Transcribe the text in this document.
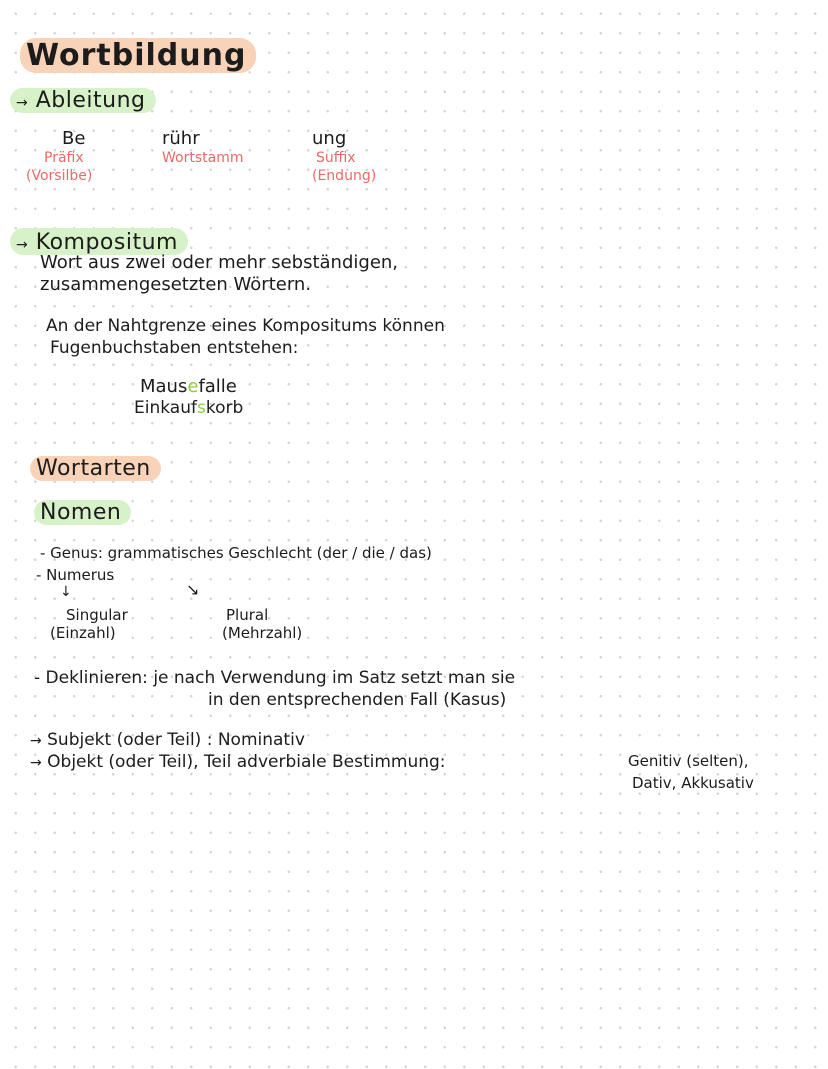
Wortbildung
→ Ableitung
Be
Präfix
(Vorsilbe)
rühr
Wortstamm
ung
Suffix
(Endung)
→ Kompositum
Wort aus zwei oder mehr sebständigen,
zusammengesetzten Wörtern.
An der Nahtgrenze eines Kompositums können
Fugenbuchstaben entstehen:
Mausefalle
Einkaufskorb
Wortarten
Nomen
- Genus: grammatisches Geschlecht (der / die / das)
- Numerus
↓	↘
Singular
(Einzahl)
Plural
(Mehrzahl)
- Deklinieren: je nach Verwendung im Satz setzt man sie
in den entsprechenden Fall (Kasus)
→ Subjekt (oder Teil) : Nominativ
→ Objekt (oder Teil), Teil adverbiale Bestimmung:	Genitiv (selten),
Dativ, Akkusativ
